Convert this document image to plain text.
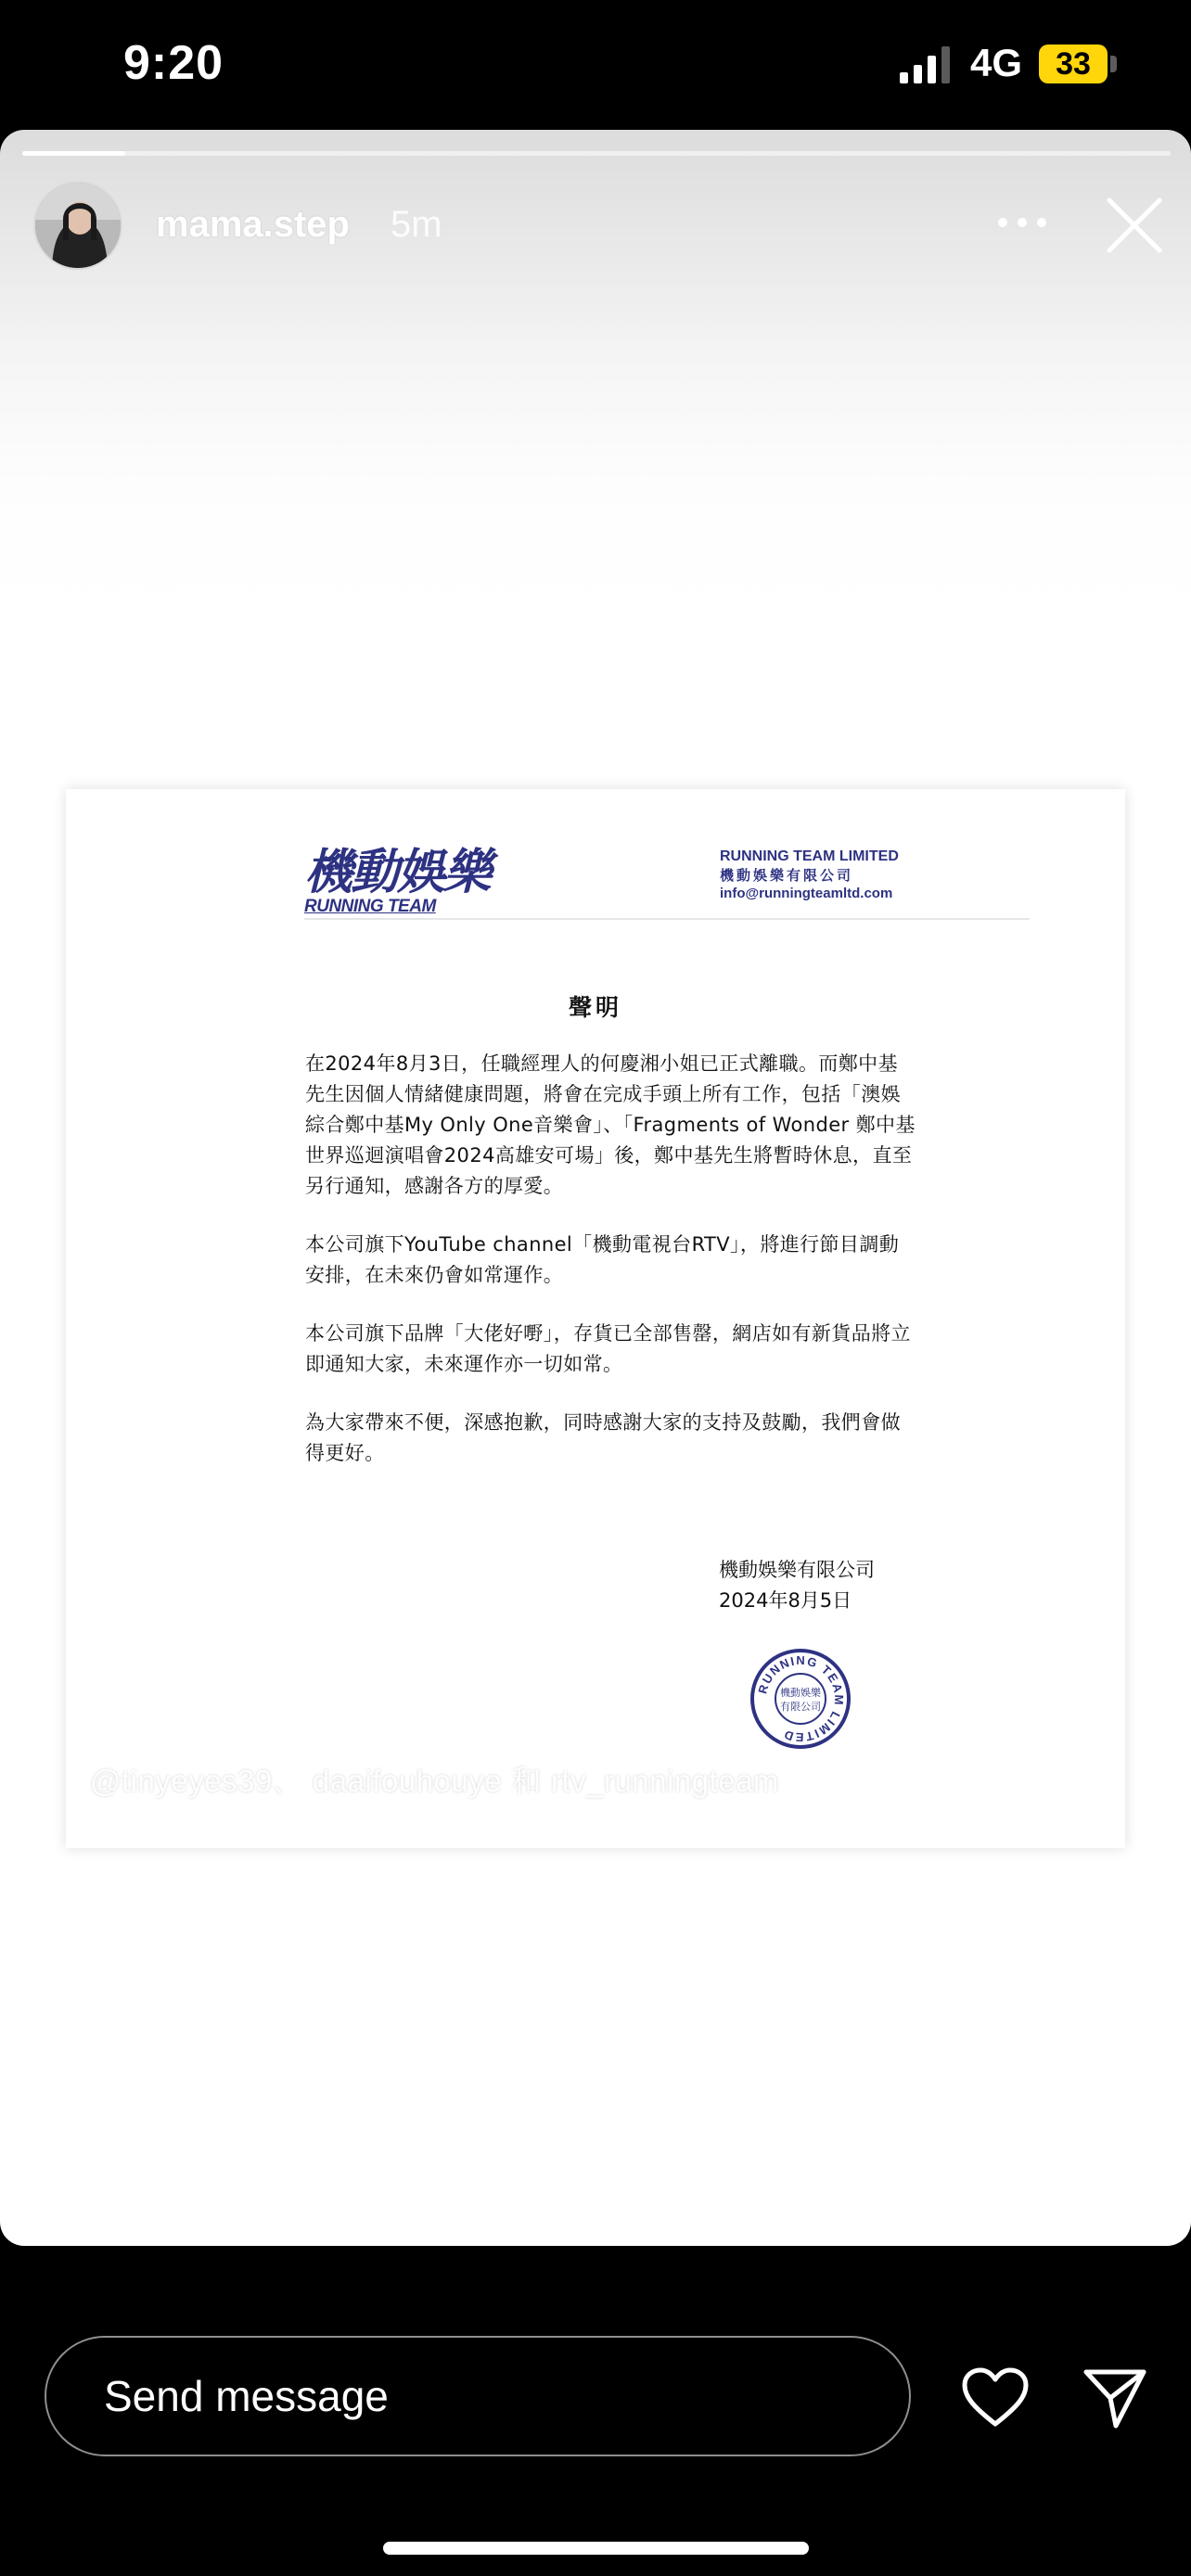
9:20	4G	33
mama.step 5m
機動娛樂
RUNNING TEAM
RUNNING TEAM LIMITED
機動娛樂有限公司
info@runningteamltd.com
聲明

在2024年8月3日，任職經理人的何慶湘小姐已正式離職。而鄭中基先生因個人情緒健康問題，將會在完成手頭上所有工作，包括「澳娛綜合鄭中基My Only One音樂會」、「Fragments of Wonder 鄭中基世界巡迴演唱會2024高雄安可場」後，鄭中基先生將暫時休息，直至另行通知，感謝各方的厚愛。

本公司旗下YouTube channel「機動電視台RTV」，將進行節目調動安排，在未來仍會如常運作。

本公司旗下品牌「大佬好嘢」，存貨已全部售罄，網店如有新貨品將立即通知大家，未來運作亦一切如常。

為大家帶來不便，深感抱歉，同時感謝大家的支持及鼓勵，我們會做得更好。

機動娛樂有限公司
2024年8月5日
RUNNING TEAM LIMITED
機動娛樂
有限公司
@tinyeyes39、 daaifouhouye 和 rtv_runningteam
Send message
